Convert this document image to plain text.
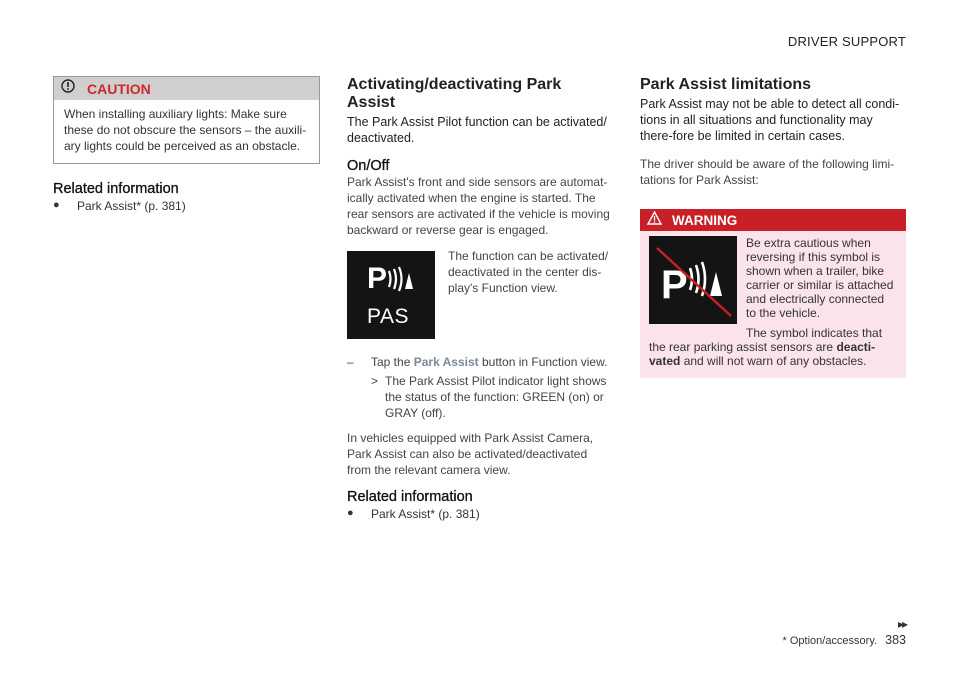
DRIVER SUPPORT
CAUTION
When installing auxiliary lights: Make sure these do not obscure the sensors – the auxili-ary lights could be perceived as an obstacle.
Related information
●	Park Assist* (p. 381)
Activating/deactivating Park Assist

The Park Assist Pilot function can be activated/ deactivated.

On/Off

Park Assist's front and side sensors are automat-ically activated when the engine is started. The rear sensors are activated if the vehicle is moving backward or reverse gear is engaged.

P
PAS
The function can be activated/ deactivated in the center dis-play's Function view.
–	Tap the Park Assist button in Function view.
> The Park Assist Pilot indicator light shows the status of the function: GREEN (on) or GRAY (off).

In vehicles equipped with Park Assist Camera, Park Assist can also be activated/deactivated from the relevant camera view.

Related information
●	Park Assist* (p. 381)
Park Assist limitations

Park Assist may not be able to detect all condi-tions in all situations and functionality may there-fore be limited in certain cases.

The driver should be aware of the following limi-tations for Park Assist:

WARNING
P
Be extra cautious when reversing if this symbol is shown when a trailer, bike carrier or similar is attached and electrically connected to the vehicle.
The symbol indicates that the rear parking assist sensors are deacti-vated and will not warn of any obstacles.
▸▸
* Option/accessory. 383
